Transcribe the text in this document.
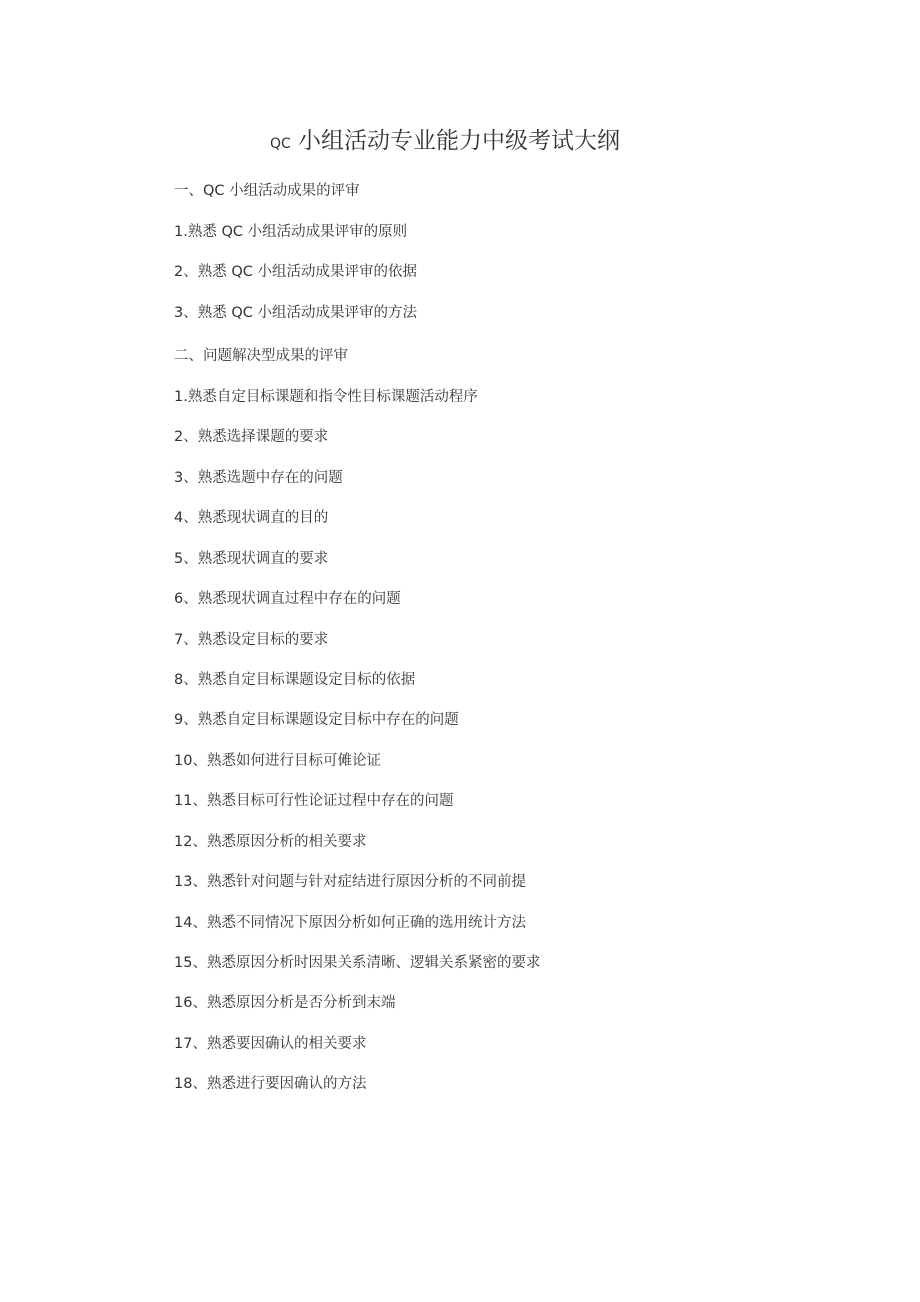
QC 小组活动专业能力中级考试大纲
一、QC 小组活动成果的评审
1.熟悉 QC 小组活动成果评审的原则
2、熟悉 QC 小组活动成果评审的依据
3、熟悉 QC 小组活动成果评审的方法
二、问题解决型成果的评审
1.熟悉自定目标课题和指令性目标课题活动程序
2、熟悉选择课题的要求
3、熟悉选题中存在的问题
4、熟悉现状调直的目的
5、熟悉现状调直的要求
6、熟悉现状调直过程中存在的问题
7、熟悉设定目标的要求
8、熟悉自定目标课题设定目标的依据
9、熟悉自定目标课题设定目标中存在的问题
10、熟悉如何进行目标可傩论证
11、熟悉目标可行性论证过程中存在的问题
12、熟悉原因分析的相关要求
13、熟悉针对问题与针对症结进行原因分析的不同前提
14、熟悉不同情况下原因分析如何正确的选用统计方法
15、熟悉原因分析时因果关系清晰、逻辑关系紧密的要求
16、熟悉原因分析是否分析到末端
17、熟悉要因确认的相关要求
18、熟悉进行要因确认的方法
